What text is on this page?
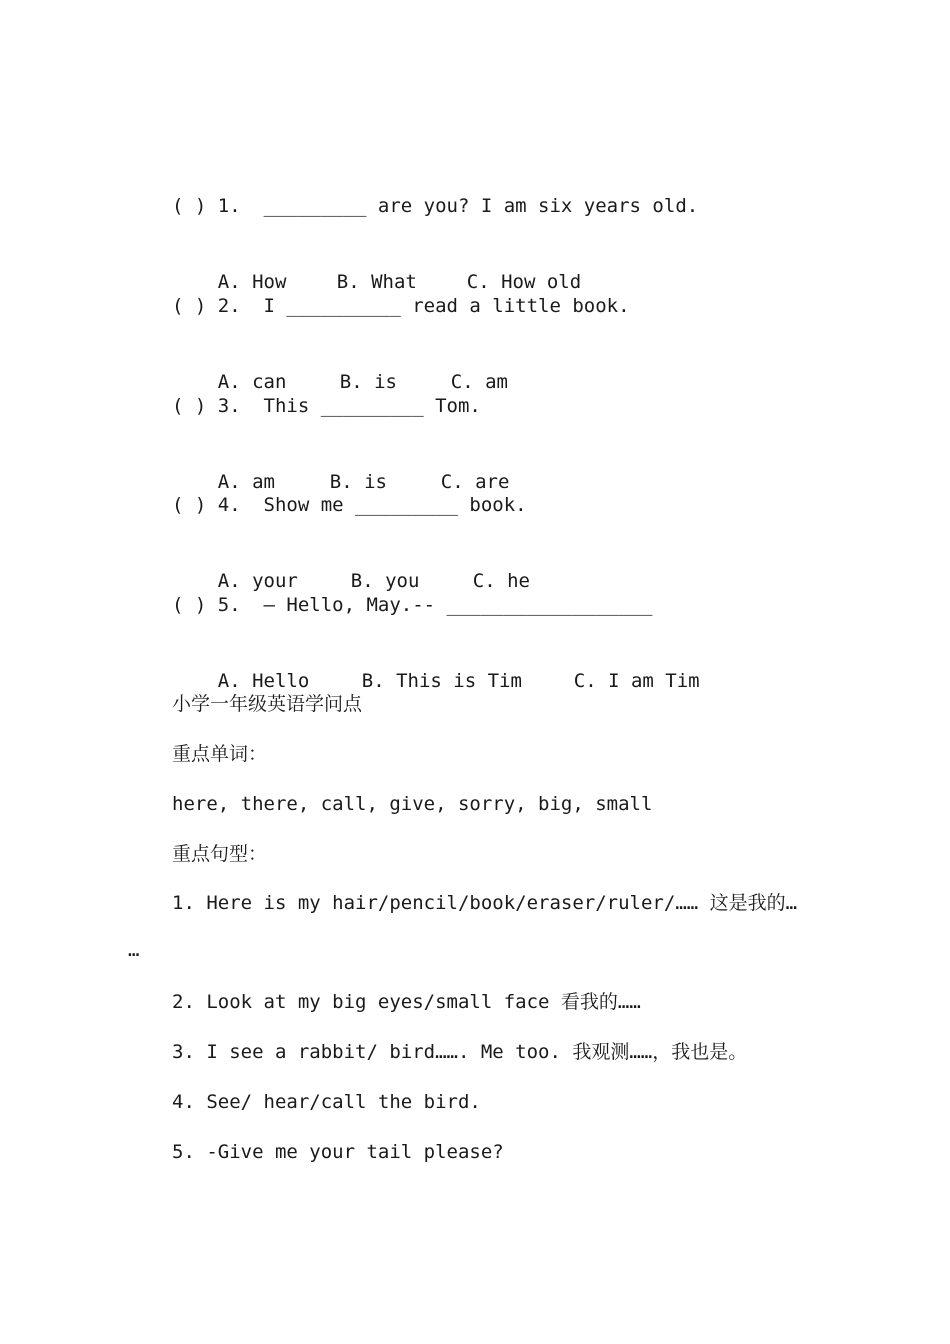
( ) 1.  _________ are you? I am six years old.

A. How	B. What	C. How old

( ) 2.  I __________ read a little book.

A. can	B. is	C. am

( ) 3.  This _________ Tom.

A. am	B. is	C. are

( ) 4.  Show me _________ book.

A. your	B. you	C. he

( ) 5.  – Hello, May.-- __________________

A. Hello	B. This is Tim	C. I am Tim

小学一年级英语学问点
重点单词：
here, there, call, give, sorry, big, small
重点句型：
1. Here is my hair/pencil/book/eraser/ruler/…… 这是我的…
…
2. Look at my big eyes/small face 看我的……
3. I see a rabbit/ bird……. Me too. 我观测……，我也是。
4. See/ hear/call the bird.
5. -Give me your tail please?
